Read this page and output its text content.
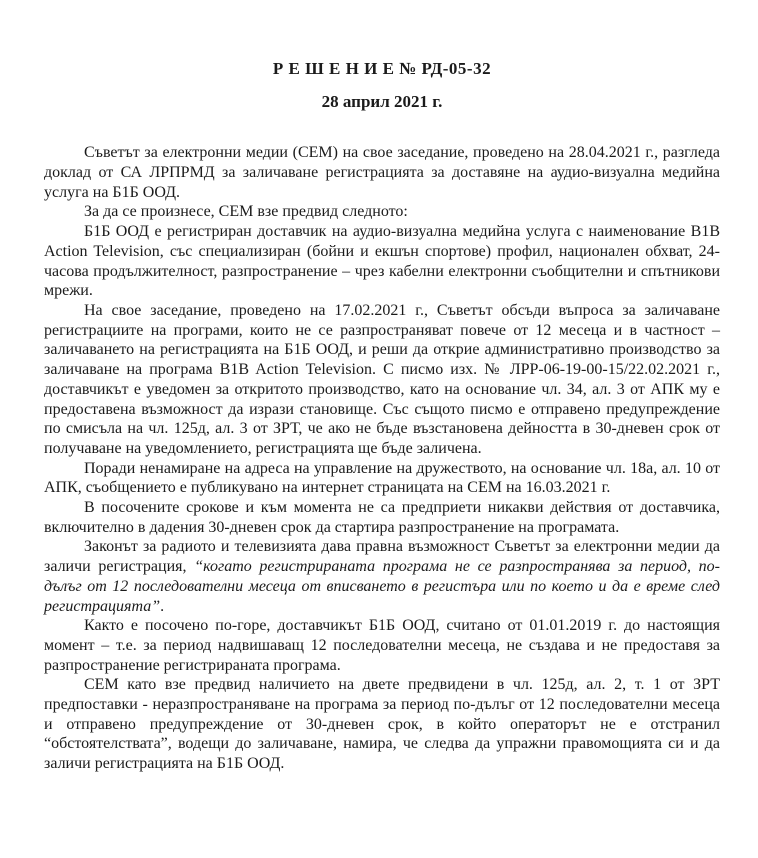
Р Е Ш Е Н И Е № РД-05-32
28 април 2021 г.

Съветът за електронни медии (СЕМ) на свое заседание, проведено на 28.04.2021 г., разгледа доклад от СА ЛРПРМД за заличаване регистрацията за доставяне на аудио-визуална медийна услуга на Б1Б ООД.

За да се произнесе, СЕМ взе предвид следното:

Б1Б ООД е регистриран доставчик на аудио-визуална медийна услуга с наименование B1B Action Television, със специализиран (бойни и екшън спортове) профил, национален обхват, 24-часова продължителност, разпространение – чрез кабелни електронни съобщителни и спътникови мрежи.

На свое заседание, проведено на 17.02.2021 г., Съветът обсъди въпроса за заличаване регистрациите на програми, които не се разпространяват повече от 12 месеца и в частност – заличаването на регистрацията на Б1Б ООД, и реши да открие административно производство за заличаване на програма B1B Action Television. С писмо изх. № ЛРР-06-19-00-15/22.02.2021 г., доставчикът е уведомен за откритото производство, като на основание чл. 34, ал. 3 от АПК му е предоставена възможност да изрази становище. Със същото писмо е отправено предупреждение по смисъла на чл. 125д, ал. 3 от ЗРТ, че ако не бъде възстановена дейността в 30-дневен срок от получаване на уведомлението, регистрацията ще бъде заличена.

Поради ненамиране на адреса на управление на дружеството, на основание чл. 18а, ал. 10 от АПК, съобщението е публикувано на интернет страницата на СЕМ на 16.03.2021 г.

В посочените срокове и към момента не са предприети никакви действия от доставчика, включително в дадения 30-дневен срок да стартира разпространение на програмата.

Законът за радиото и телевизията дава правна възможност Съветът за електронни медии да заличи регистрация, “когато регистрираната програма не се разпространява за период, по-дълъг от 12 последователни месеца от вписването в регистъра или по което и да е време след регистрацията”.

Както е посочено по-горе, доставчикът Б1Б ООД, считано от 01.01.2019 г. до настоящия момент – т.е. за период надвишаващ 12 последователни месеца, не създава и не предоставя за разпространение регистрираната програма.

СЕМ като взе предвид наличието на двете предвидени в чл. 125д, ал. 2, т. 1 от ЗРТ предпоставки - неразпространяване на програма за период по-дълъг от 12 последователни месеца и отправено предупреждение от 30-дневен срок, в който операторът не е отстранил “обстоятелствата”, водещи до заличаване, намира, че следва да упражни правомощията си и да заличи регистрацията на Б1Б ООД.
